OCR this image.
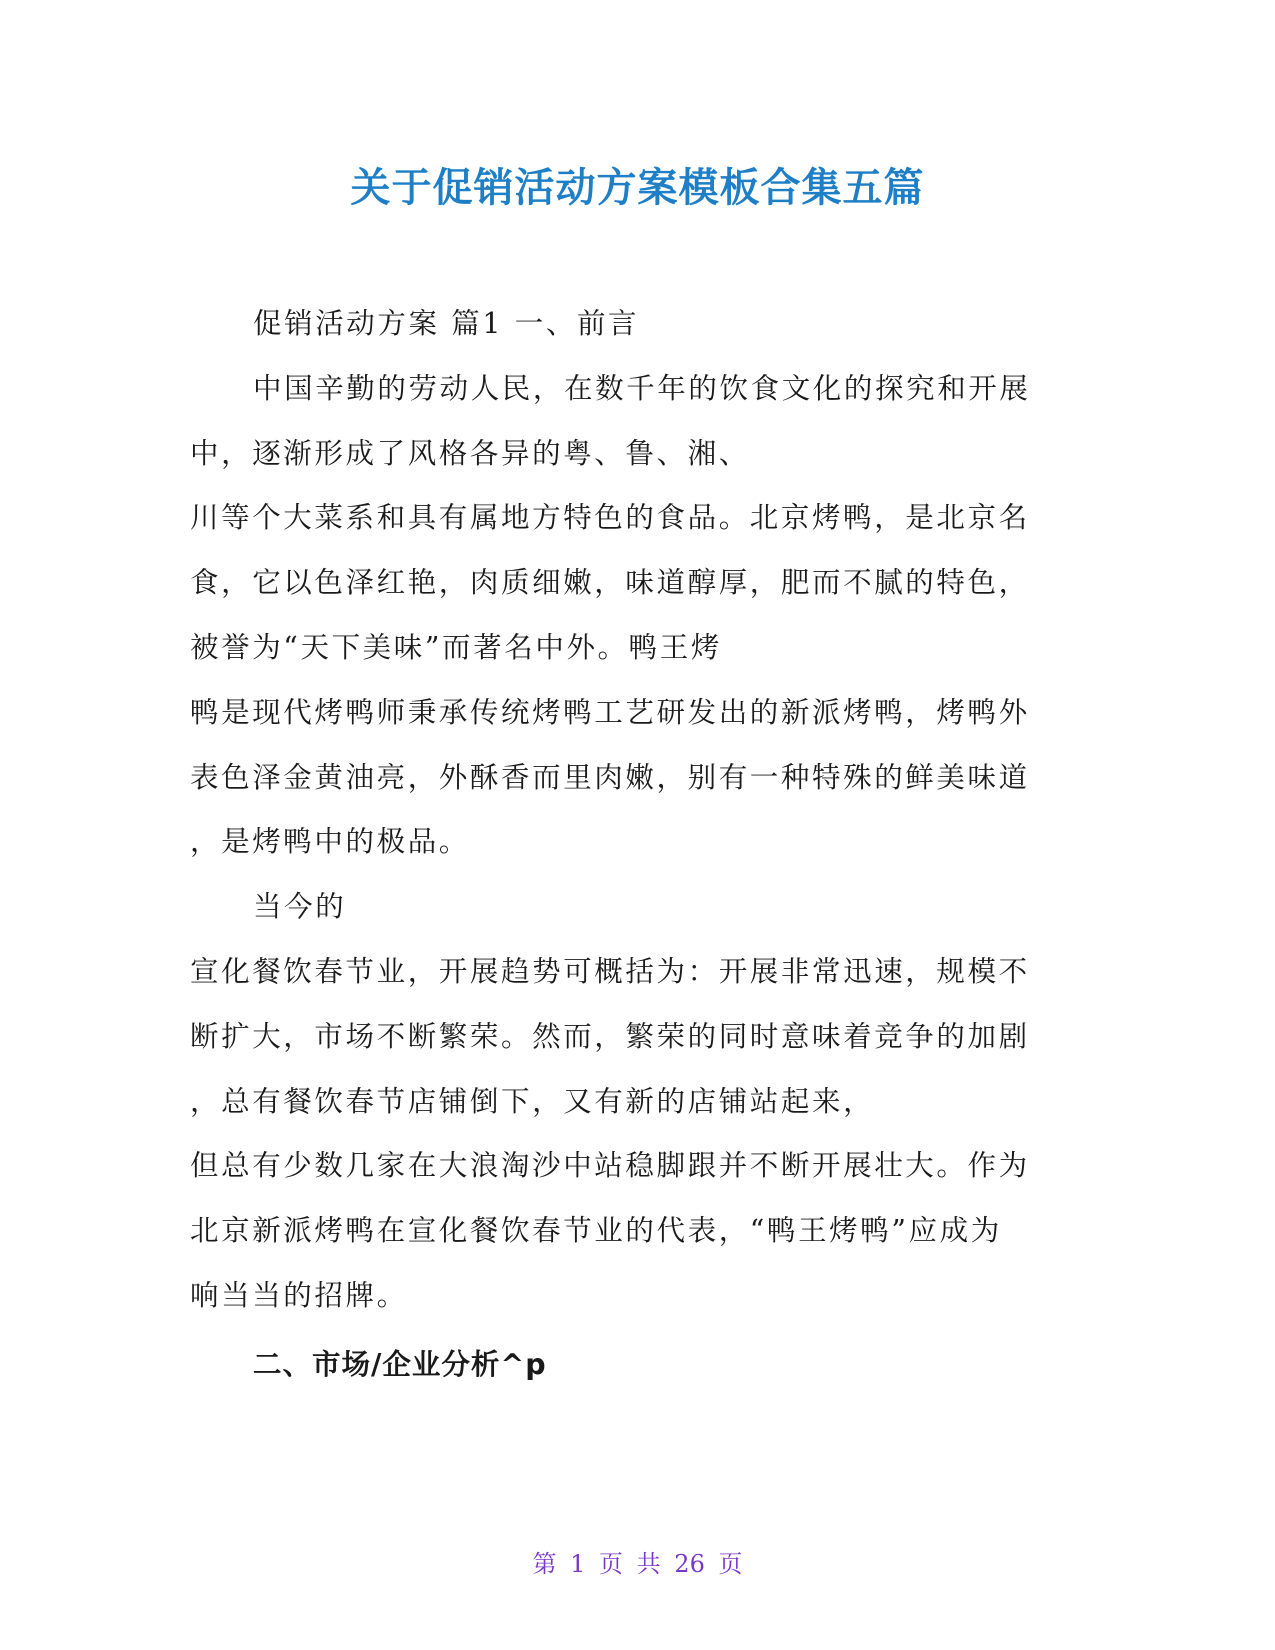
关于促销活动方案模板合集五篇
促销活动方案 篇1 一、前言
中国辛勤的劳动人民，在数千年的饮食文化的探究和开展
中，逐渐形成了风格各异的粤、鲁、湘、
川等个大菜系和具有属地方特色的食品。北京烤鸭，是北京名
食，它以色泽红艳，肉质细嫩，味道醇厚，肥而不腻的特色，
被誉为“天下美味”而著名中外。鸭王烤
鸭是现代烤鸭师秉承传统烤鸭工艺研发出的新派烤鸭，烤鸭外
表色泽金黄油亮，外酥香而里肉嫩，别有一种特殊的鲜美味道
，是烤鸭中的极品。
当今的
宣化餐饮春节业，开展趋势可概括为：开展非常迅速，规模不
断扩大，市场不断繁荣。然而，繁荣的同时意味着竞争的加剧
，总有餐饮春节店铺倒下，又有新的店铺站起来，
但总有少数几家在大浪淘沙中站稳脚跟并不断开展壮大。作为
北京新派烤鸭在宣化餐饮春节业的代表，“鸭王烤鸭”应成为
响当当的招牌。
二、市场/企业分析^p
第 1 页 共 26 页
